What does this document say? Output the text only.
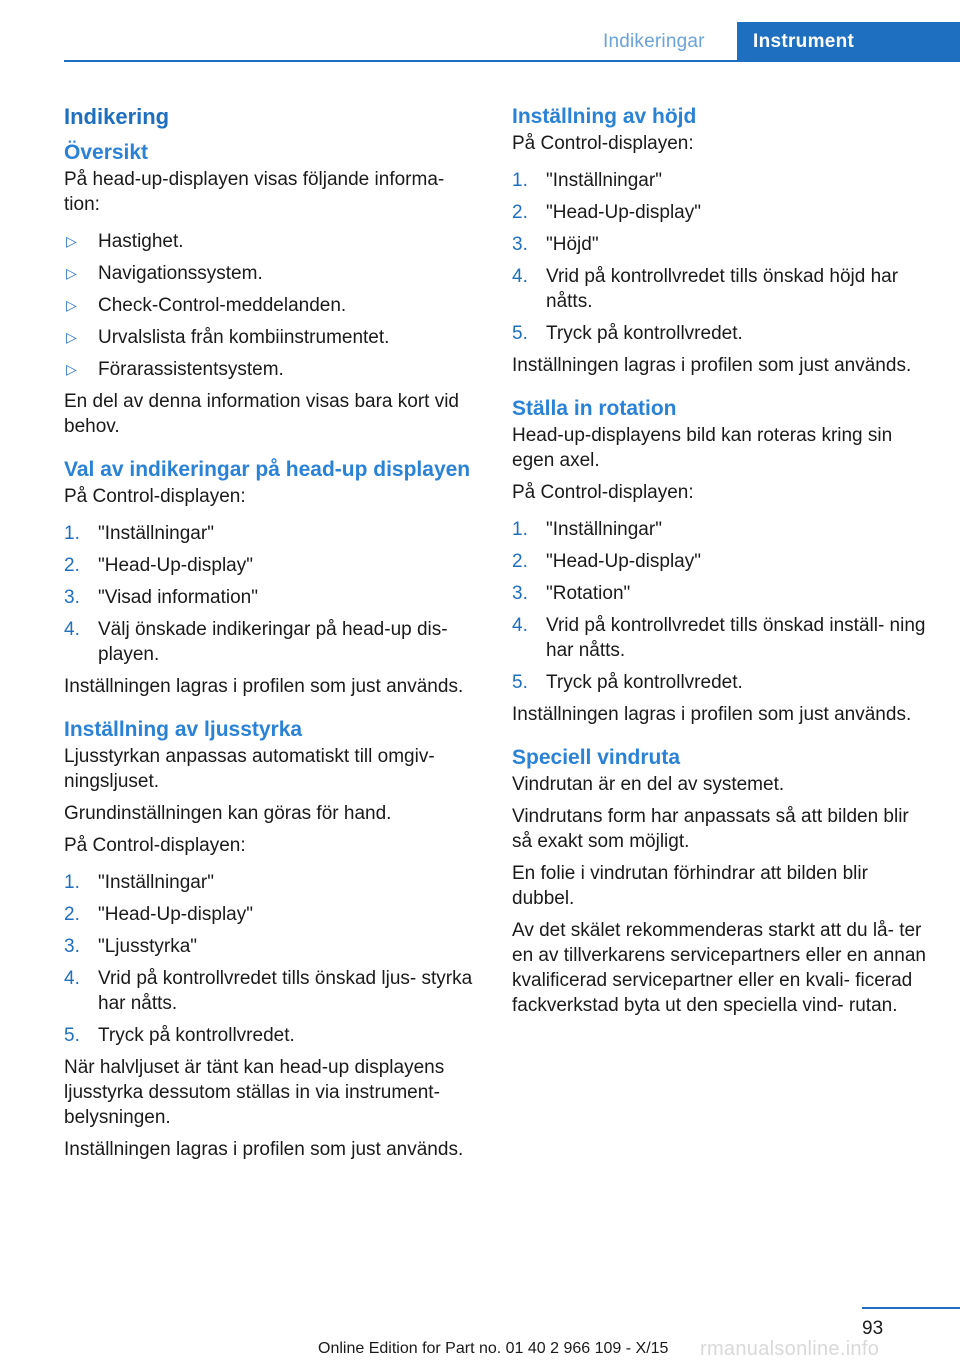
Indikeringar	Instrument
Indikering
Översikt

På head-up-displayen visas följande informa‐ tion:

▷ Hastighet.
▷ Navigationssystem.
▷ Check-Control-meddelanden.
▷ Urvalslista från kombiinstrumentet.
▷ Förarassistentsystem.

En del av denna information visas bara kort vid behov.

Val av indikeringar på head-up displayen

På Control-displayen:

1. "Inställningar"
2. "Head-Up-display"
3. "Visad information"
4. Välj önskade indikeringar på head-up dis‐ playen.

Inställningen lagras i profilen som just används.

Inställning av ljusstyrka

Ljusstyrkan anpassas automatiskt till omgiv‐ ningsljuset.

Grundinställningen kan göras för hand.

På Control-displayen:

1. "Inställningar"
2. "Head-Up-display"
3. "Ljusstyrka"
4. Vrid på kontrollvredet tills önskad ljus‐ styrka har nåtts.
5. Tryck på kontrollvredet.

När halvljuset är tänt kan head-up displayens ljusstyrka dessutom ställas in via instrument‐ belysningen.

Inställningen lagras i profilen som just används.

Inställning av höjd

På Control-displayen:

1. "Inställningar"
2. "Head-Up-display"
3. "Höjd"
4. Vrid på kontrollvredet tills önskad höjd har nåtts.
5. Tryck på kontrollvredet.

Inställningen lagras i profilen som just används.

Ställa in rotation

Head-up-displayens bild kan roteras kring sin egen axel.

På Control-displayen:

1. "Inställningar"
2. "Head-Up-display"
3. "Rotation"
4. Vrid på kontrollvredet tills önskad inställ‐ ning har nåtts.
5. Tryck på kontrollvredet.

Inställningen lagras i profilen som just används.

Speciell vindruta

Vindrutan är en del av systemet.

Vindrutans form har anpassats så att bilden blir så exakt som möjligt.

En folie i vindrutan förhindrar att bilden blir dubbel.

Av det skälet rekommenderas starkt att du lå‐ ter en av tillverkarens servicepartners eller en annan kvalificerad servicepartner eller en kvali‐ ficerad fackverkstad byta ut den speciella vind‐ rutan.

93
Online Edition for Part no. 01 40 2 966 109 - X/15 rmanualsonline.info
